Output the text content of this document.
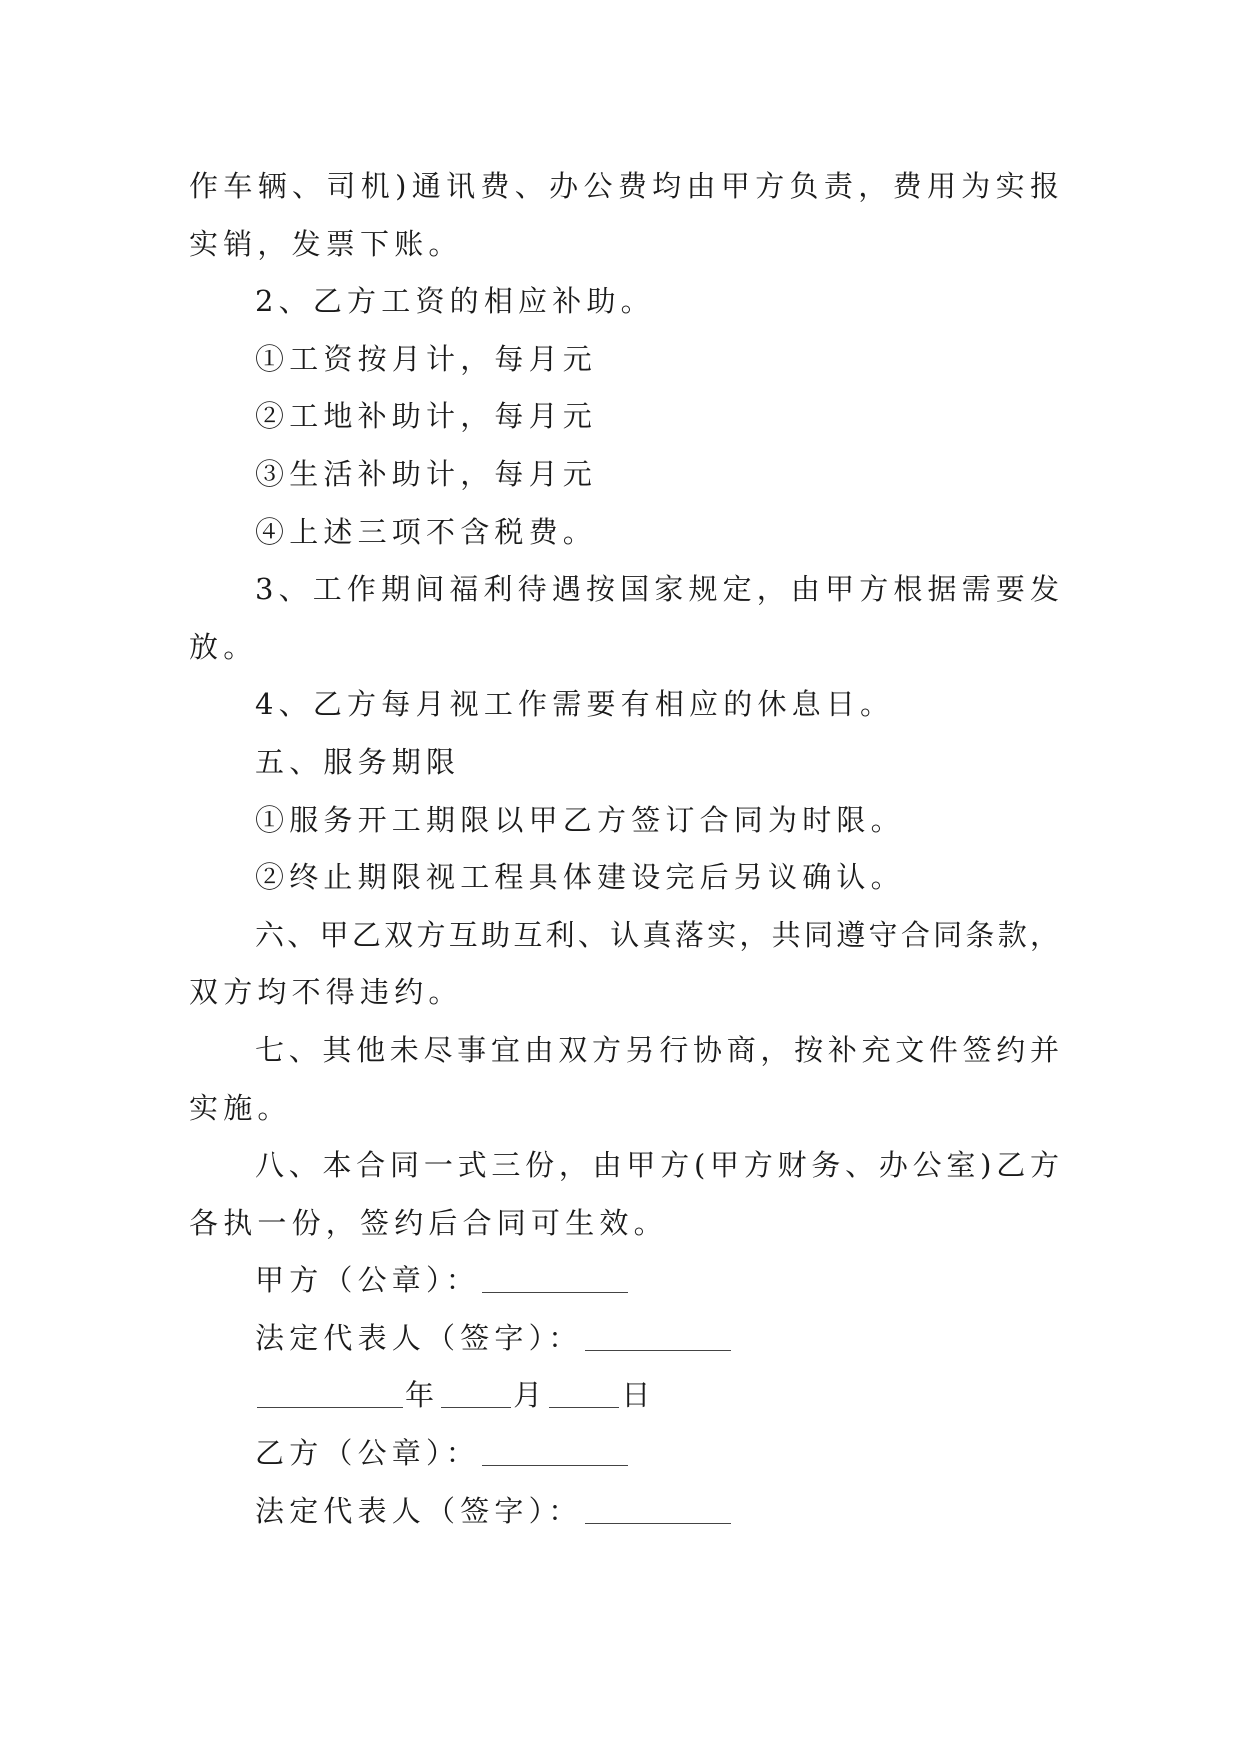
作车辆、司机)通讯费、办公费均由甲方负责，费用为实报
实销，发票下账。
2、乙方工资的相应补助。
①工资按月计，每月元
②工地补助计，每月元
③生活补助计，每月元
④上述三项不含税费。
3、工作期间福利待遇按国家规定，由甲方根据需要发
放。
4、乙方每月视工作需要有相应的休息日。
五、服务期限
①服务开工期限以甲乙方签订合同为时限。
②终止期限视工程具体建设完后另议确认。
六、甲乙双方互助互利、认真落实，共同遵守合同条款，
双方均不得违约。
七、其他未尽事宜由双方另行协商，按补充文件签约并
实施。
八、本合同一式三份，由甲方(甲方财务、办公室)乙方
各执一份，签约后合同可生效。
甲方（公章）：
法定代表人（签字）：
年	月	日
乙方（公章）：
法定代表人（签字）：
